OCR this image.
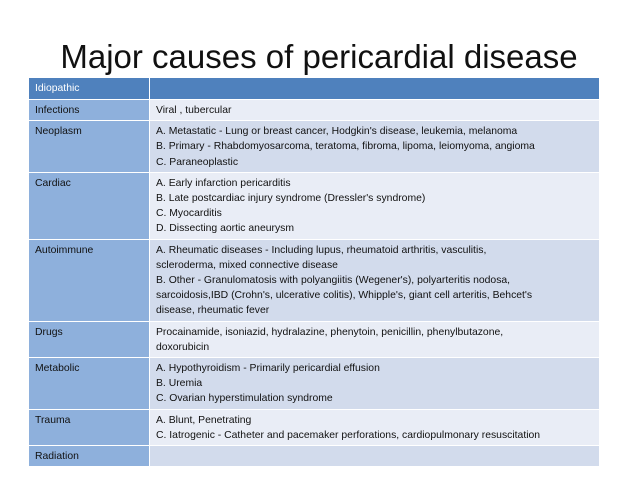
Major causes of pericardial disease
Idiopathic	
Infections	Viral , tubercular

Neoplasm	A. Metastatic - Lung or breast cancer, Hodgkin's disease, leukemia, melanoma
B. Primary - Rhabdomyosarcoma, teratoma, fibroma, lipoma, leiomyoma, angioma
C. Paraneoplastic

Cardiac	A. Early infarction pericarditis
B. Late postcardiac injury syndrome (Dressler's syndrome)
C. Myocarditis
D. Dissecting aortic aneurysm

Autoimmune	A. Rheumatic diseases - Including lupus, rheumatoid arthritis, vasculitis,
scleroderma, mixed connective disease
B. Other - Granulomatosis with polyangiitis (Wegener's), polyarteritis nodosa,
sarcoidosis,IBD (Crohn's, ulcerative colitis), Whipple's, giant cell arteritis, Behcet's
disease, rheumatic fever

Drugs	Procainamide, isoniazid, hydralazine, phenytoin, penicillin, phenylbutazone,
doxorubicin

Metabolic	A. Hypothyroidism - Primarily pericardial effusion
B. Uremia
C. Ovarian hyperstimulation syndrome

Trauma	A. Blunt, Penetrating
C. Iatrogenic - Catheter and pacemaker perforations, cardiopulmonary resuscitation

Radiation	
